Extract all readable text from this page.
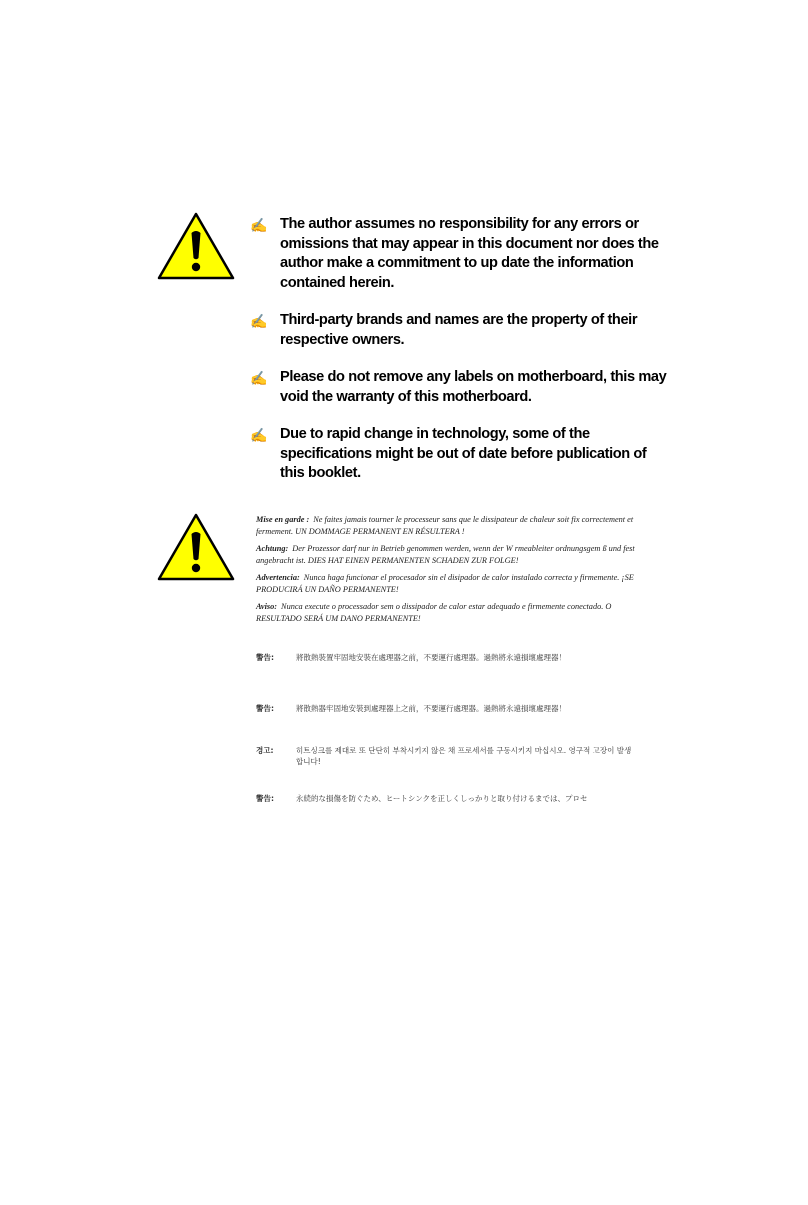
✍ The author assumes no responsibility for any errors or omissions that may appear in this document nor does the author make a commitment to up date the information contained herein.
✍ Third-party brands and names are the property of their respective owners.
✍ Please do not remove any labels on motherboard, this may void the warranty of this motherboard.
✍ Due to rapid change in technology, some of the specifications might be out of date before publication of this booklet.
Mise en garde : Ne faites jamais tourner le processeur sans que le dissipateur de chaleur soit fix correctement et fermement. UN DOMMAGE PERMANENT EN RÉSULTERA !
Achtung: Der Prozessor darf nur in Betrieb genommen werden, wenn der W rmeableiter ordnungsgem ß und fest angebracht ist. DIES HAT EINEN PERMANENTEN SCHADEN ZUR FOLGE!
Advertencia: Nunca haga funcionar el procesador sin el disipador de calor instalado correcta y firmemente. ¡SE PRODUCIRÁ UN DAÑO PERMANENTE!
Aviso: Nunca execute o processador sem o dissipador de calor estar adequado e firmemente conectado. O RESULTADO SERÁ UM DANO PERMANENTE!
警告:	將散熱裝置牢固地安裝在處理器之前，不要運行處理器。過熱將永遠損壞處理器！
警告:	將散熱器牢固地安裝到處理器上之前，不要運行處理器。過熱將永遠損壞處理器！
경고:	히트싱크를 제대로 또 단단히 부착시키지 않은 채 프로세서를 구동시키지 마십시오. 영구적 고장이 발생합니다!
警告:	永続的な損傷を防ぐため、ヒートシンクを正しくしっかりと取り付けるまでは、プロセ
